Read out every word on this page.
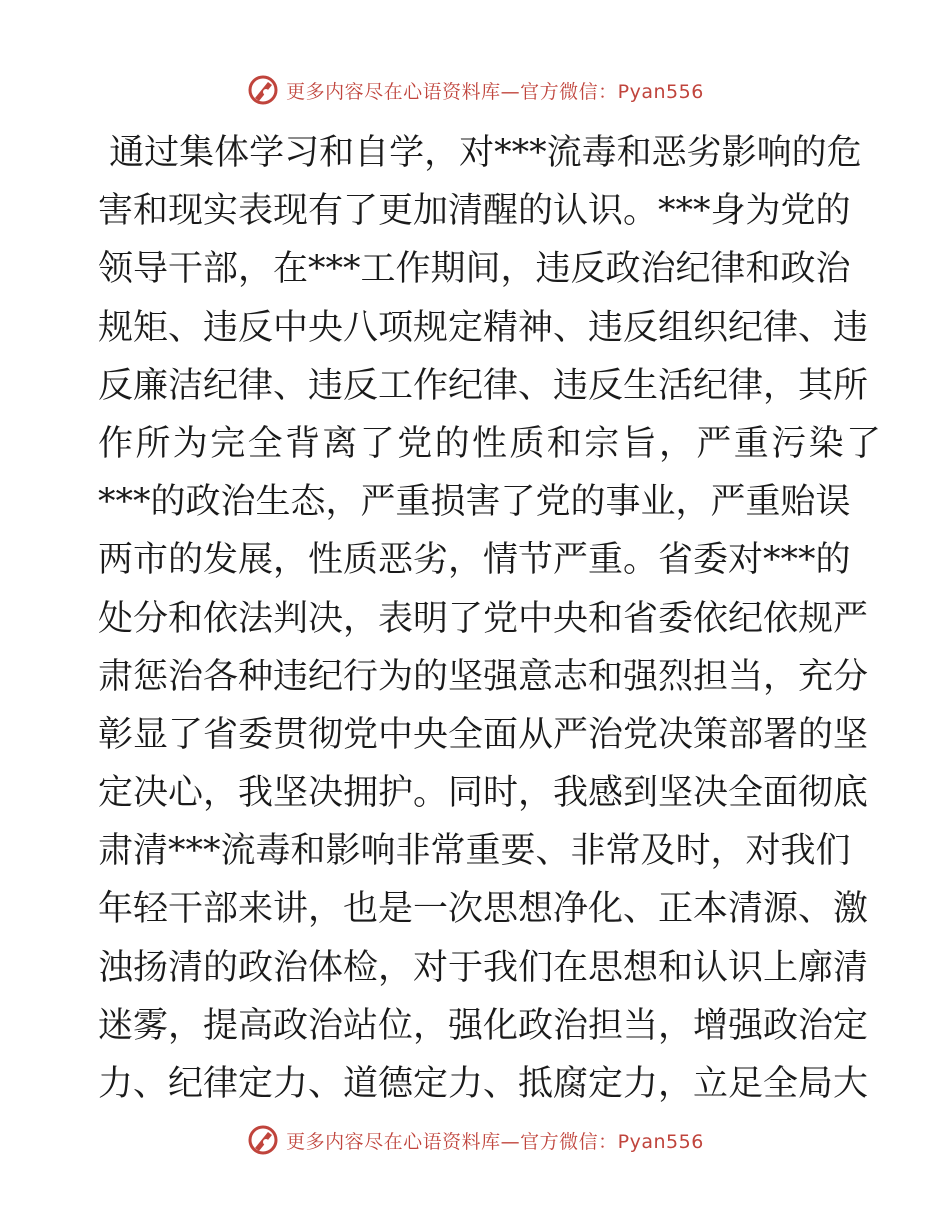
更多内容尽在心语资料库—官方微信：Pyan556
通过集体学习和自学，对***流毒和恶劣影响的危
害和现实表现有了更加清醒的认识。***身为党的
领导干部，在***工作期间，违反政治纪律和政治
规矩、违反中央八项规定精神、违反组织纪律、违
反廉洁纪律、违反工作纪律、违反生活纪律，其所
作所为完全背离了党的性质和宗旨，严重污染了
***的政治生态，严重损害了党的事业，严重贻误
两市的发展，性质恶劣，情节严重。省委对***的
处分和依法判决，表明了党中央和省委依纪依规严
肃惩治各种违纪行为的坚强意志和强烈担当，充分
彰显了省委贯彻党中央全面从严治党决策部署的坚
定决心，我坚决拥护。同时，我感到坚决全面彻底
肃清***流毒和影响非常重要、非常及时，对我们
年轻干部来讲，也是一次思想净化、正本清源、激
浊扬清的政治体检，对于我们在思想和认识上廓清
迷雾，提高政治站位，强化政治担当，增强政治定
力、纪律定力、道德定力、抵腐定力，立足全局大
更多内容尽在心语资料库—官方微信：Pyan556
